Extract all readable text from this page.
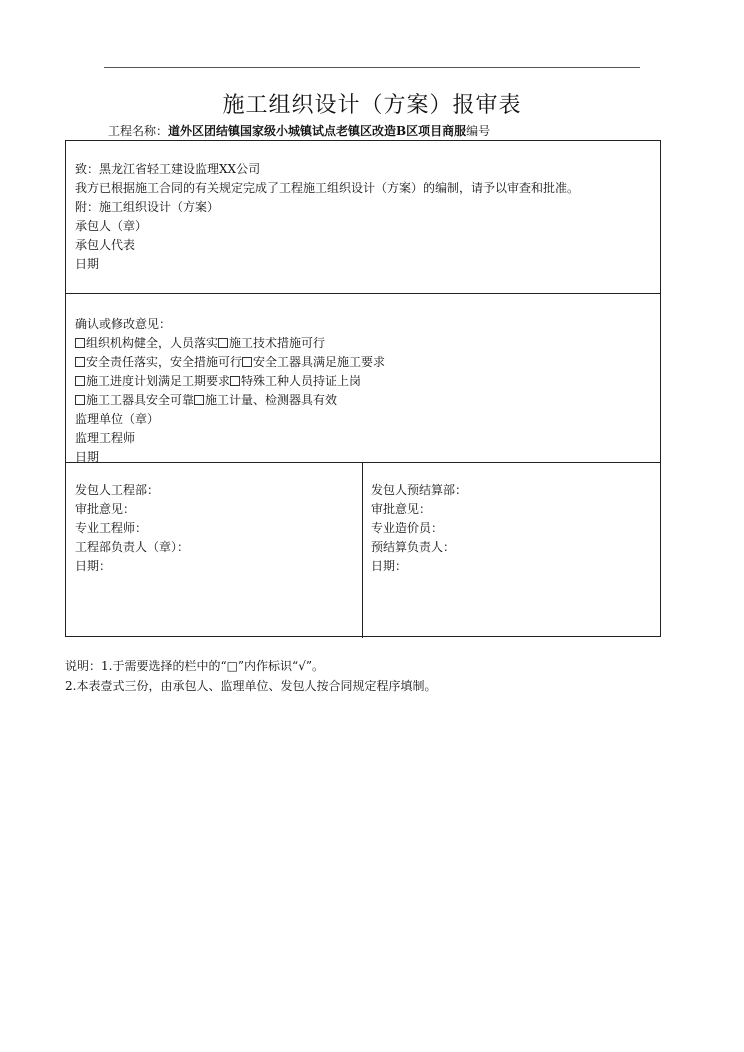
施工组织设计（方案）报审表
工程名称：道外区团结镇国家级小城镇试点老镇区改造B区项目商服编号
致：黑龙江省轻工建设监理XX公司
我方已根据施工合同的有关规定完成了工程施工组织设计（方案）的编制，请予以审查和批准。
附：施工组织设计（方案）
承包人（章）
承包人代表
日期
确认或修改意见：
组织机构健全，人员落实 施工技术措施可行
安全责任落实，安全措施可行 安全工器具满足施工要求
施工进度计划满足工期要求 特殊工种人员持证上岗
施工工器具安全可靠 施工计量、检测器具有效
监理单位（章）
监理工程师
日期
发包人工程部：
审批意见：
专业工程师：
工程部负责人（章）：
日期：
发包人预结算部：
审批意见：
专业造价员：
预结算负责人：
日期：
说明：1.于需要选择的栏中的“□”内作标识“√”。
2.本表壹式三份，由承包人、监理单位、发包人按合同规定程序填制。
